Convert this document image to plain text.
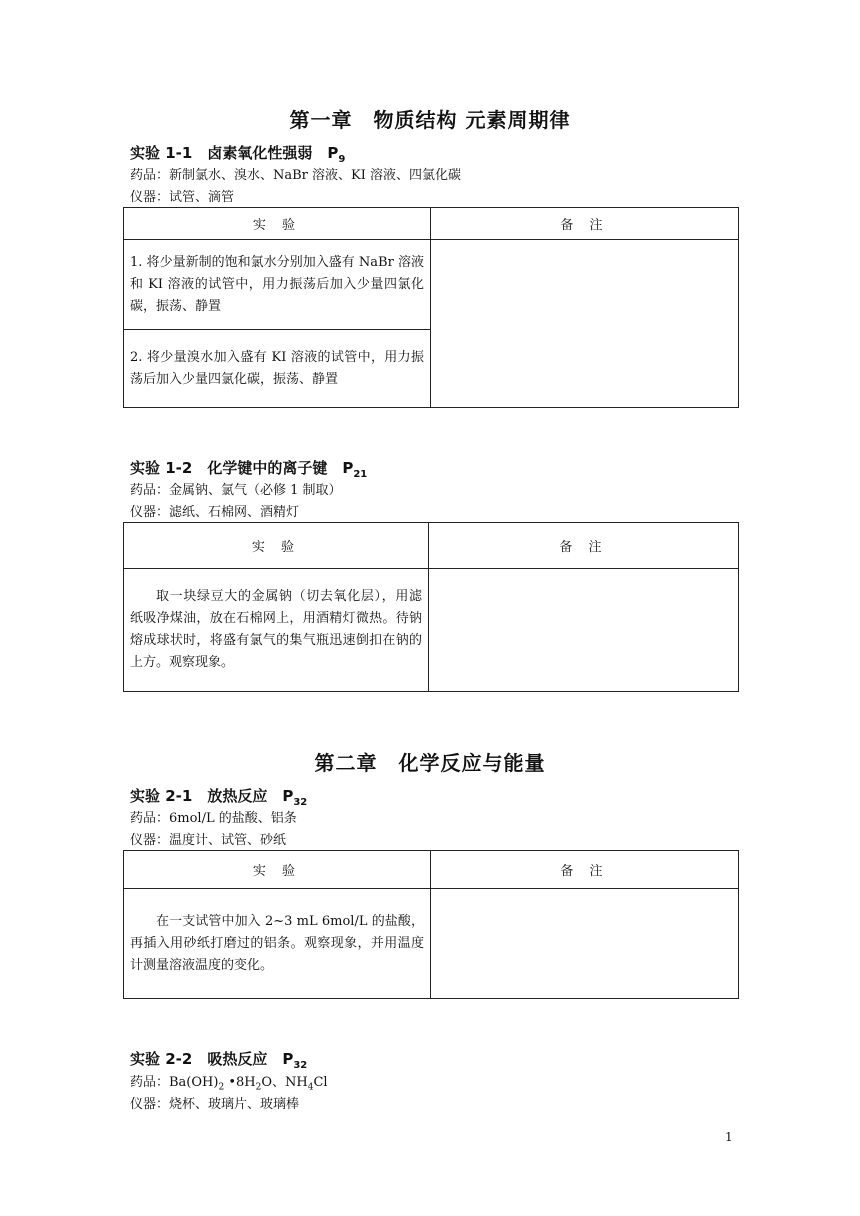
第一章　物质结构 元素周期律
实验 1-1　卤素氧化性强弱　$P_9$
药品：新制氯水、溴水、NaBr 溶液、KI 溶液、四氯化碳
仪器：试管、滴管
实 验	备 注

1. 将少量新制的饱和氯水分别加入盛有 NaBr 溶液和 KI 溶液的试管中，用力振荡后加入少量四氯化碳，振荡、静置	

2. 将少量溴水加入盛有 KI 溶液的试管中，用力振荡后加入少量四氯化碳，振荡、静置	
实验 1-2　化学键中的离子键　$P_{21}$
药品：金属钠、氯气（必修 1 制取）
仪器：滤纸、石棉网、酒精灯
实 验	备 注

取一块绿豆大的金属钠（切去氧化层），用滤纸吸净煤油，放在石棉网上，用酒精灯微热。待钠熔成球状时，将盛有氯气的集气瓶迅速倒扣在钠的上方。观察现象。	

第二章　化学反应与能量
实验 2-1　放热反应　$P_{32}$
药品：6mol/L 的盐酸、铝条
仪器：温度计、试管、砂纸
实 验	备 注

在一支试管中加入 2~3 mL 6mol/L 的盐酸，再插入用砂纸打磨过的铝条。观察现象，并用温度计测量溶液温度的变化。	

实验 2-2　吸热反应　$P_{32}$
药品：$Ba(OH)_2$ $•8H_2O$、$NH_4Cl$
仪器：烧杯、玻璃片、玻璃棒
1
